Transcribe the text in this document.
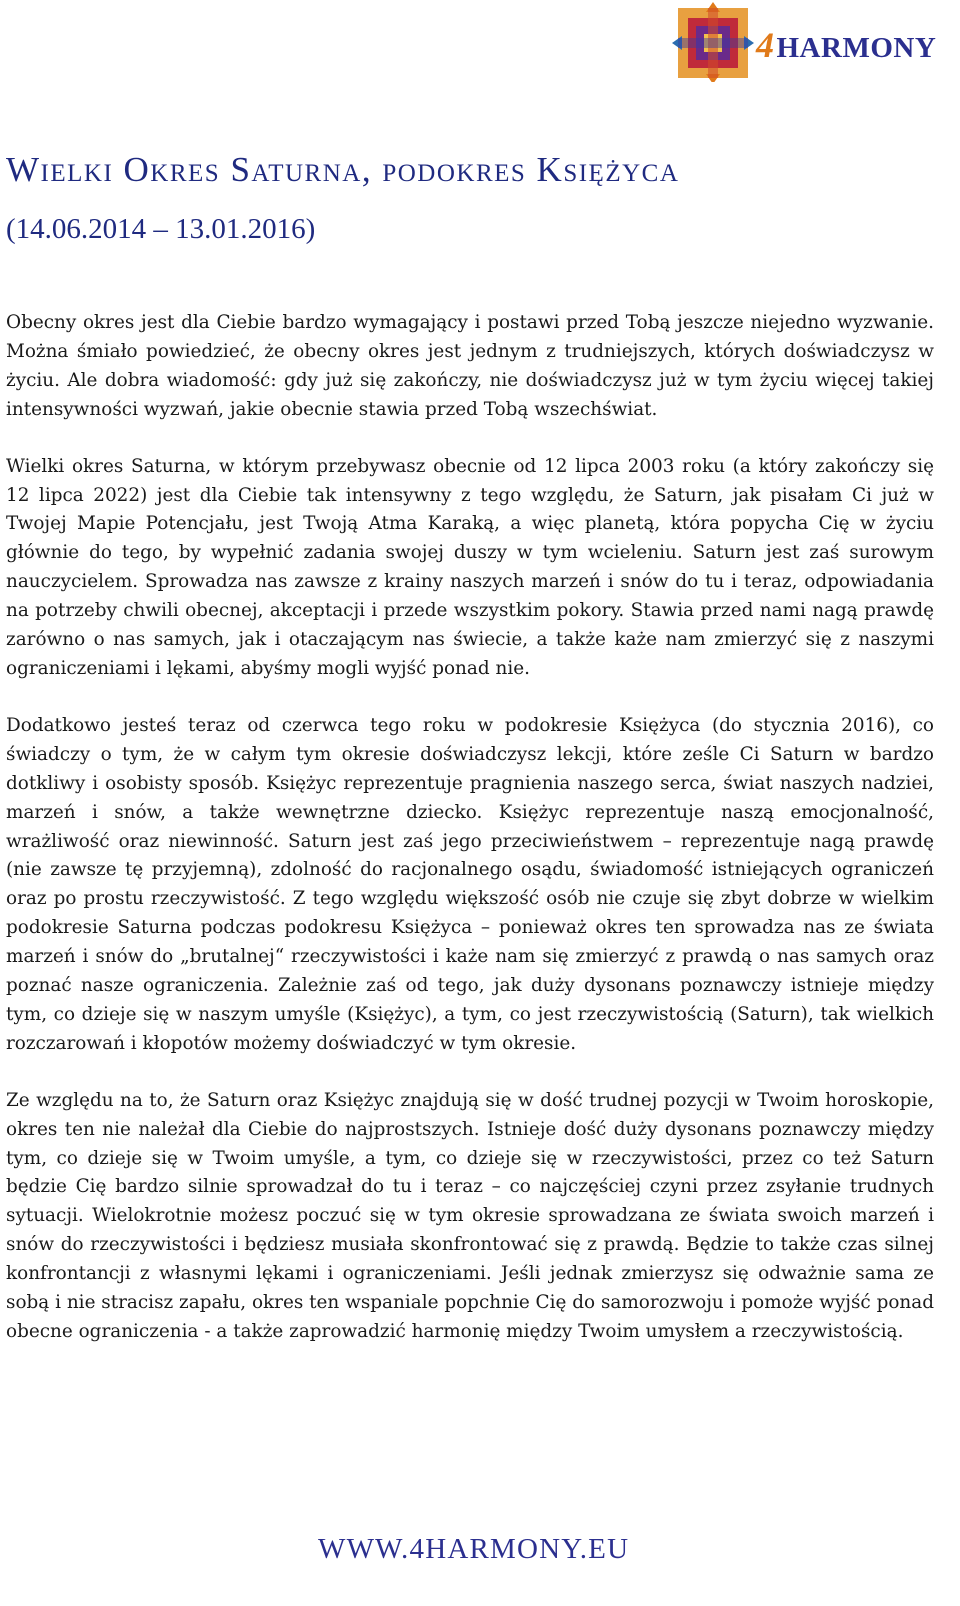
4HARMONY
Wielki Okres Saturna, podokres Księżyca
(14.06.2014 – 13.01.2016)

Obecny okres jest dla Ciebie bardzo wymagający i postawi przed Tobą jeszcze niejedno wyzwanie. Można śmiało powiedzieć, że obecny okres jest jednym z trudniejszych, których doświadczysz w życiu. Ale dobra wiadomość: gdy już się zakończy, nie doświadczysz już w tym życiu więcej takiej intensywności wyzwań, jakie obecnie stawia przed Tobą wszechświat.

Wielki okres Saturna, w którym przebywasz obecnie od 12 lipca 2003 roku (a który zakończy się 12 lipca 2022) jest dla Ciebie tak intensywny z tego względu, że Saturn, jak pisałam Ci już w Twojej Mapie Potencjału, jest Twoją Atma Karaką, a więc planetą, która popycha Cię w życiu głównie do tego, by wypełnić zadania swojej duszy w tym wcieleniu. Saturn jest zaś surowym nauczycielem. Sprowadza nas zawsze z krainy naszych marzeń i snów do tu i teraz, odpowiadania na potrzeby chwili obecnej, akceptacji i przede wszystkim pokory. Stawia przed nami nagą prawdę zarówno o nas samych, jak i otaczającym nas świecie, a także każe nam zmierzyć się z naszymi ograniczeniami i lękami, abyśmy mogli wyjść ponad nie.

Dodatkowo jesteś teraz od czerwca tego roku w podokresie Księżyca (do stycznia 2016), co świadczy o tym, że w całym tym okresie doświadczysz lekcji, które ześle Ci Saturn w bardzo dotkliwy i osobisty sposób. Księżyc reprezentuje pragnienia naszego serca, świat naszych nadziei, marzeń i snów, a także wewnętrzne dziecko. Księżyc reprezentuje naszą emocjonalność, wrażliwość oraz niewinność. Saturn jest zaś jego przeciwieństwem – reprezentuje nagą prawdę (nie zawsze tę przyjemną), zdolność do racjonalnego osądu, świadomość istniejących ograniczeń oraz po prostu rzeczywistość. Z tego względu większość osób nie czuje się zbyt dobrze w wielkim podokresie Saturna podczas podokresu Księżyca – ponieważ okres ten sprowadza nas ze świata marzeń i snów do „brutalnej“ rzeczywistości i każe nam się zmierzyć z prawdą o nas samych oraz poznać nasze ograniczenia. Zależnie zaś od tego, jak duży dysonans poznawczy istnieje między tym, co dzieje się w naszym umyśle (Księżyc), a tym, co jest rzeczywistością (Saturn), tak wielkich rozczarowań i kłopotów możemy doświadczyć w tym okresie.

Ze względu na to, że Saturn oraz Księżyc znajdują się w dość trudnej pozycji w Twoim horoskopie, okres ten nie należał dla Ciebie do najprostszych. Istnieje dość duży dysonans poznawczy między tym, co dzieje się w Twoim umyśle, a tym, co dzieje się w rzeczywistości, przez co też Saturn będzie Cię bardzo silnie sprowadzał do tu i teraz – co najczęściej czyni przez zsyłanie trudnych sytuacji. Wielokrotnie możesz poczuć się w tym okresie sprowadzana ze świata swoich marzeń i snów do rzeczywistości i będziesz musiała skonfrontować się z prawdą. Będzie to także czas silnej konfrontancji z własnymi lękami i ograniczeniami. Jeśli jednak zmierzysz się odważnie sama ze sobą i nie stracisz zapału, okres ten wspaniale popchnie Cię do samorozwoju i pomoże wyjść ponad obecne ograniczenia - a także zaprowadzić harmonię między Twoim umysłem a rzeczywistością.

WWW.4HARMONY.EU
